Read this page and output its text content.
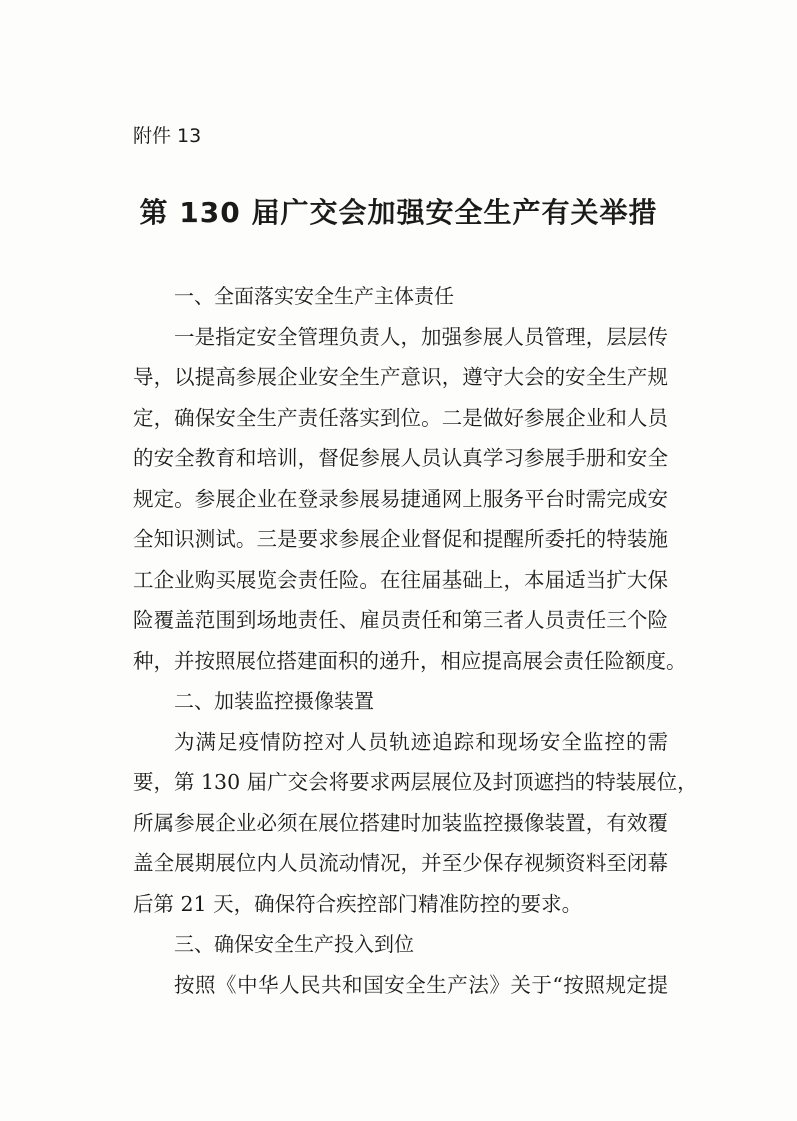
附件 13
第 130 届广交会加强安全生产有关举措

一、全面落实安全生产主体责任

一是指定安全管理负责人，加强参展人员管理，层层传
导，以提高参展企业安全生产意识，遵守大会的安全生产规
定，确保安全生产责任落实到位。二是做好参展企业和人员
的安全教育和培训，督促参展人员认真学习参展手册和安全
规定。参展企业在登录参展易捷通网上服务平台时需完成安
全知识测试。三是要求参展企业督促和提醒所委托的特装施
工企业购买展览会责任险。在往届基础上，本届适当扩大保
险覆盖范围到场地责任、雇员责任和第三者人员责任三个险
种，并按照展位搭建面积的递升，相应提高展会责任险额度。

二、加装监控摄像装置

为满足疫情防控对人员轨迹追踪和现场安全监控的需
要，第 130 届广交会将要求两层展位及封顶遮挡的特装展位，
所属参展企业必须在展位搭建时加装监控摄像装置，有效覆
盖全展期展位内人员流动情况，并至少保存视频资料至闭幕
后第 21 天，确保符合疾控部门精准防控的要求。

三、确保安全生产投入到位

按照《中华人民共和国安全生产法》关于“按照规定提
